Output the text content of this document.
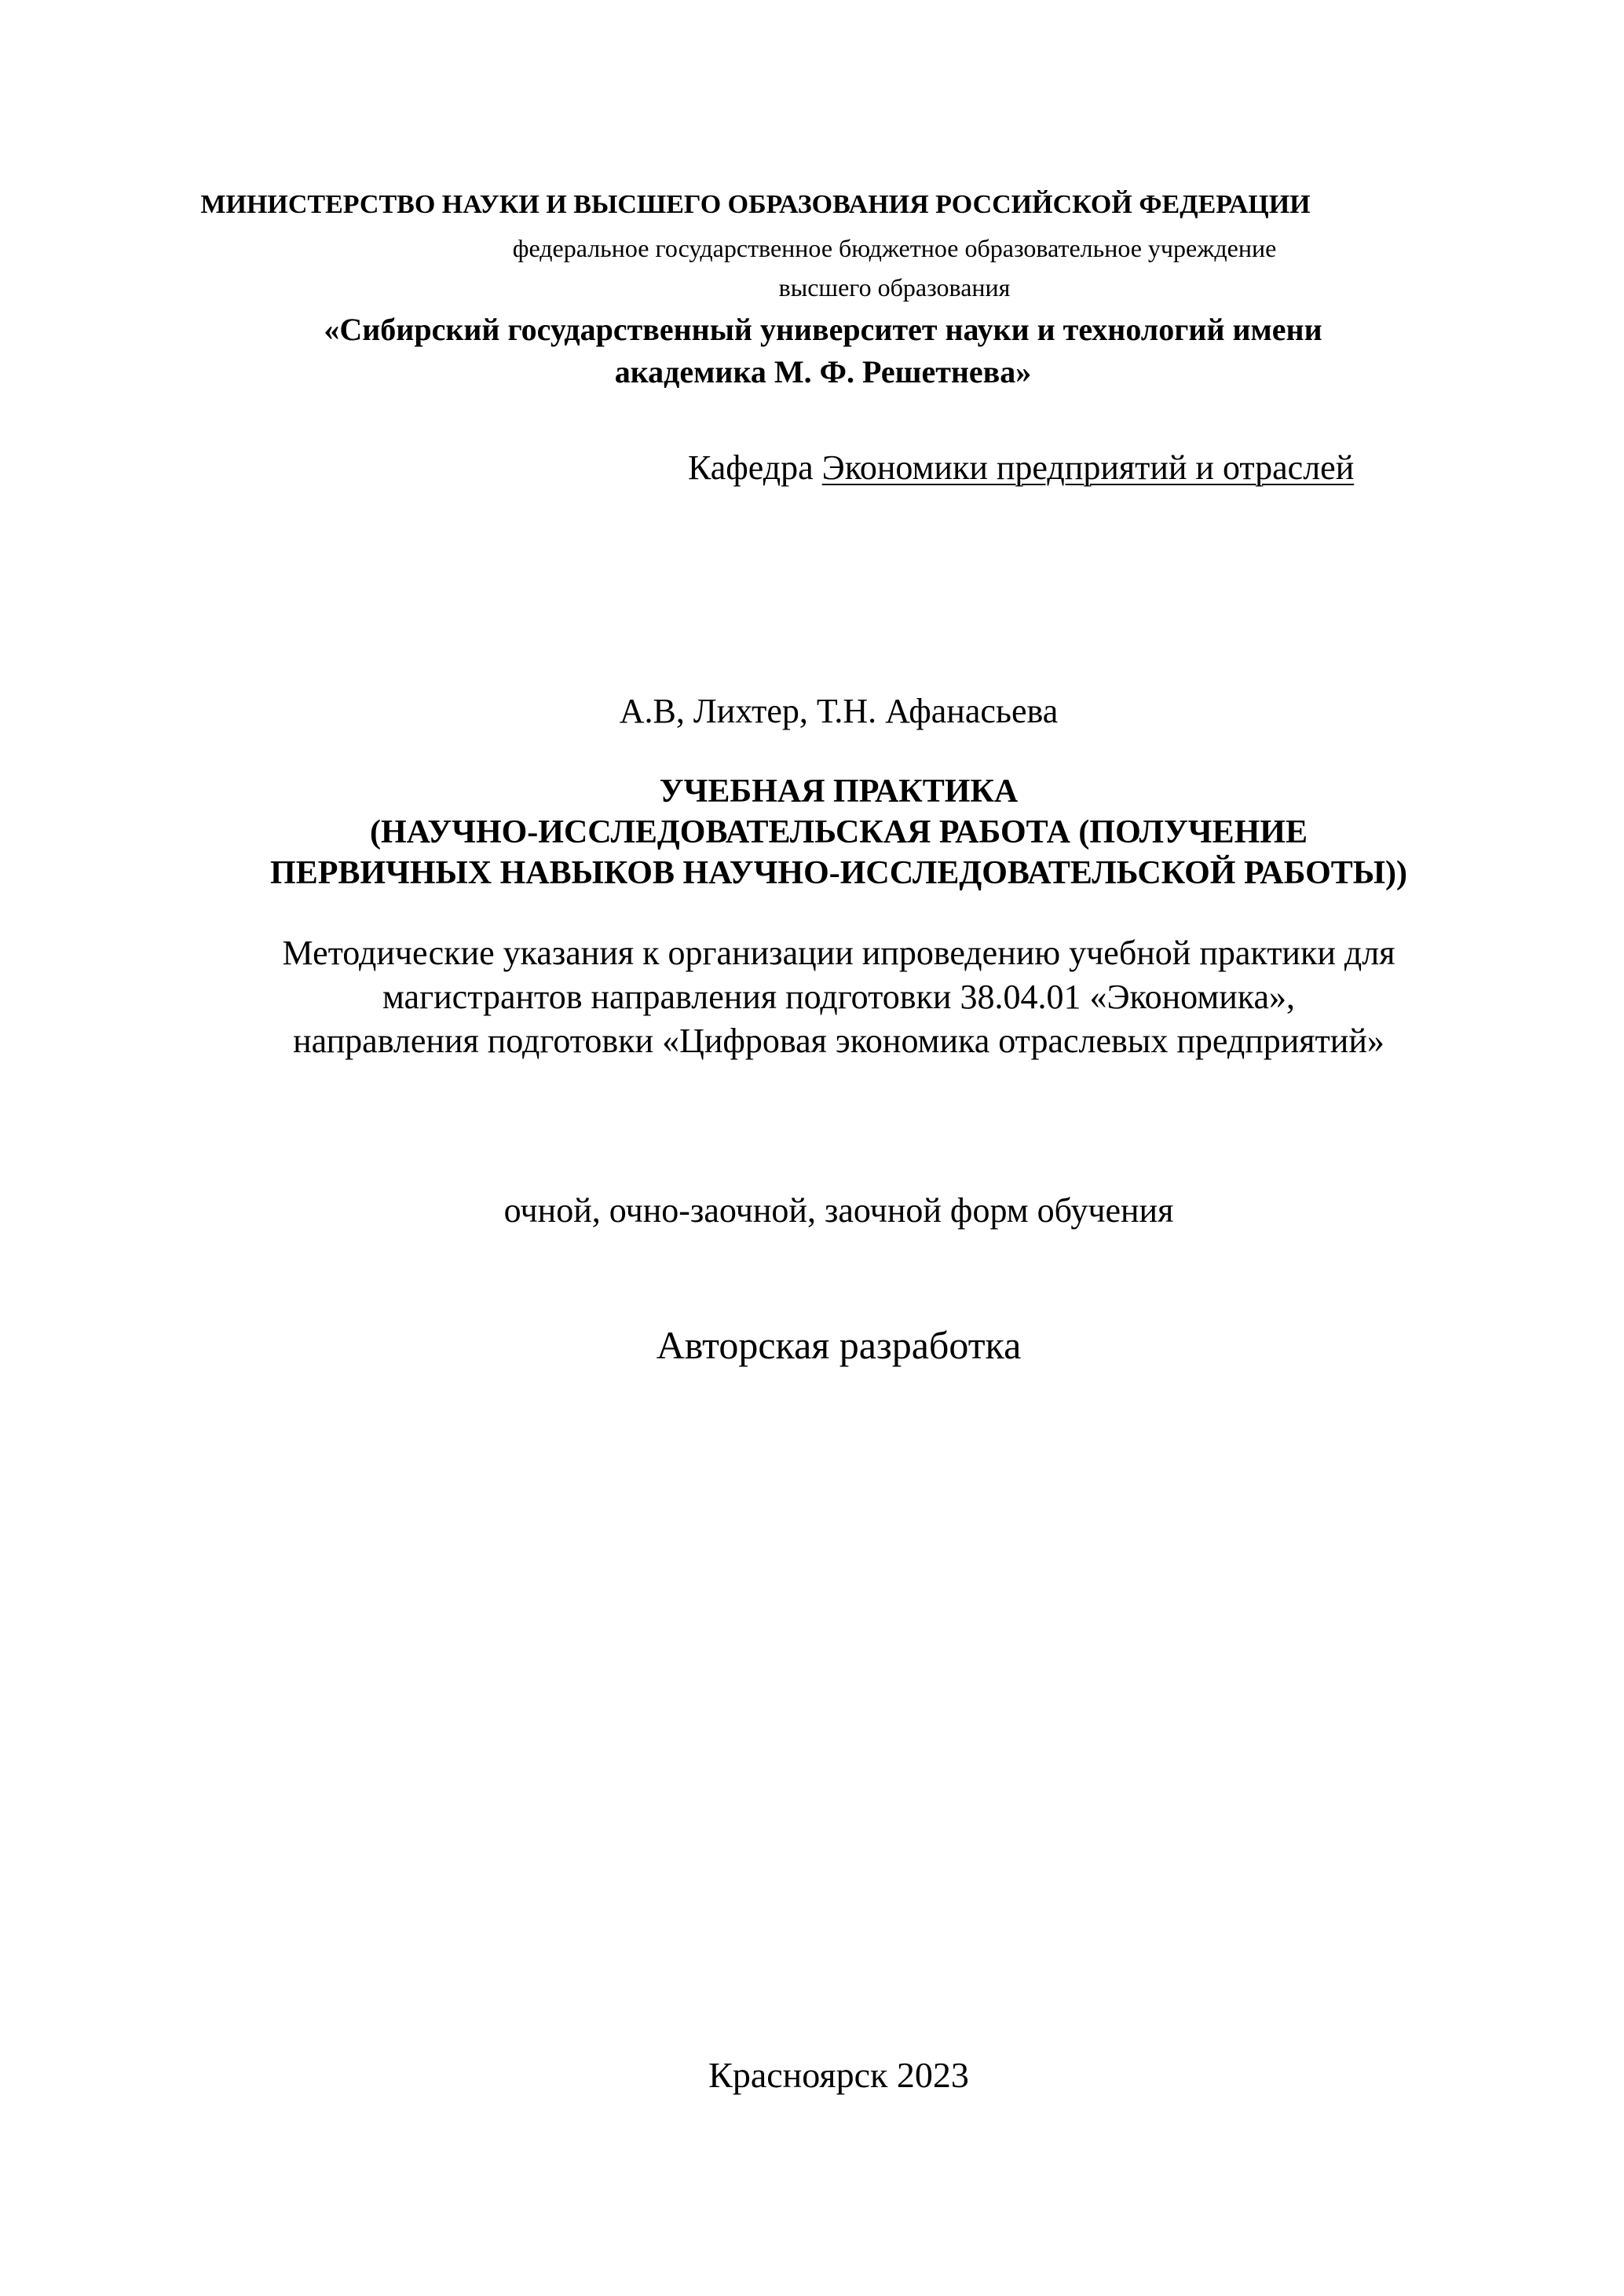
МИНИСТЕРСТВО НАУКИ И ВЫСШЕГО ОБРАЗОВАНИЯ РОССИЙСКОЙ ФЕДЕРАЦИИ

федеральное государственное бюджетное образовательное учреждение

высшего образования

«Сибирский государственный университет науки и технологий имени

академика М. Ф. Решетнева»

Кафедра Экономики предприятий и отраслей

А.В, Лихтер, Т.Н. Афанасьева

УЧЕБНАЯ ПРАКТИКА

(НАУЧНО-ИССЛЕДОВАТЕЛЬСКАЯ РАБОТА (ПОЛУЧЕНИЕ

ПЕРВИЧНЫХ НАВЫКОВ НАУЧНО-ИССЛЕДОВАТЕЛЬСКОЙ РАБОТЫ))

Методические указания к организации ипроведению учебной практики для

магистрантов направления подготовки 38.04.01 «Экономика»,

направления подготовки «Цифровая экономика отраслевых предприятий»

очной, очно-заочной, заочной форм обучения

Авторская разработка

Красноярск 2023
